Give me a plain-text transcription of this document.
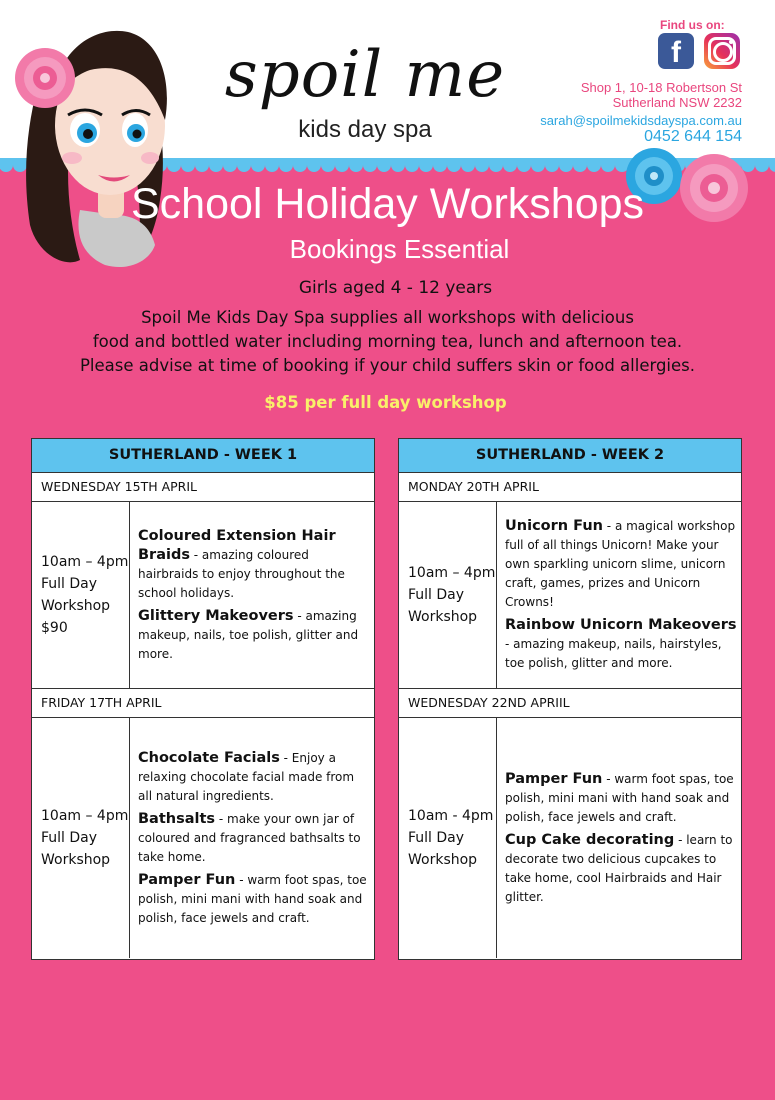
spoil me
kids day spa
Find us on:
f
Shop 1, 10-18 Robertson St
Sutherland NSW 2232
sarah@spoilmekidsdayspa.com.au
0452 644 154
School Holiday Workshops
Bookings Essential
Girls aged 4 - 12 years
Spoil Me Kids Day Spa supplies all workshops with delicious
food and bottled water including morning tea, lunch and afternoon tea.
Please advise at time of booking if your child suffers skin or food allergies.
$85 per full day workshop
SUTHERLAND - WEEK 1
WEDNESDAY 15TH APRIL
10am – 4pm
Full Day
Workshop
$90

Coloured Extension Hair Braids - amazing coloured hairbraids to enjoy throughout the school holidays.

Glittery Makeovers - amazing makeup, nails, toe polish, glitter and more.

FRIDAY 17TH APRIL
10am – 4pm
Full Day
Workshop

Chocolate Facials - Enjoy a relaxing chocolate facial made from all natural ingredients.

Bathsalts - make your own jar of coloured and fragranced bathsalts to take home.

Pamper Fun - warm foot spas, toe polish, mini mani with hand soak and polish, face jewels and craft.

SUTHERLAND - WEEK 2
MONDAY 20TH APRIL
10am – 4pm
Full Day
Workshop

Unicorn Fun - a magical workshop full of all things Unicorn! Make your own sparkling unicorn slime, unicorn craft, games, prizes and Unicorn Crowns!

Rainbow Unicorn Makeovers - amazing makeup, nails, hairstyles, toe polish, glitter and more.

WEDNESDAY 22ND APRIIL
10am - 4pm
Full Day
Workshop

Pamper Fun - warm foot spas, toe polish, mini mani with hand soak and polish, face jewels and craft.

Cup Cake decorating - learn to decorate two delicious cupcakes to take home, cool Hairbraids and Hair glitter.
